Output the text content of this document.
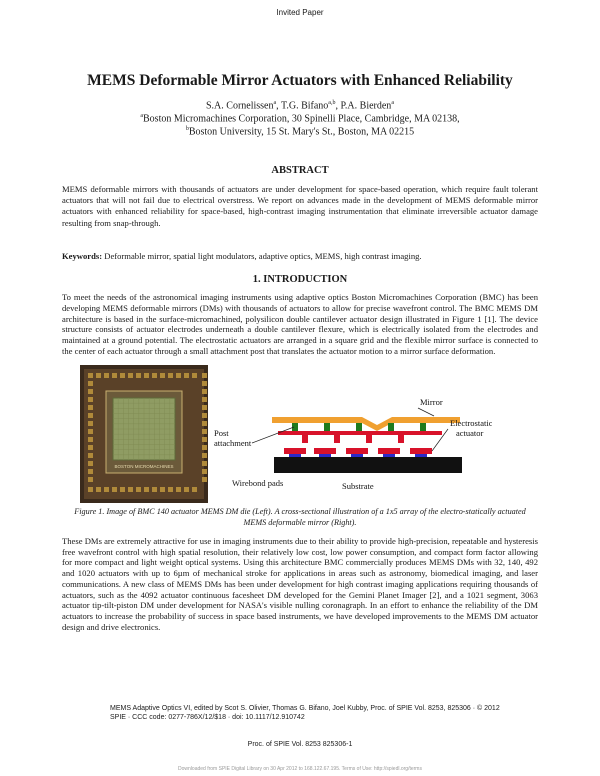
Invited Paper
MEMS Deformable Mirror Actuators with Enhanced Reliability
S.A. Cornelissen$^a$, T.G. Bifano$^{a,b}$, P.A. Bierden$^a$
$^a$Boston Micromachines Corporation, 30 Spinelli Place, Cambridge, MA 02138,
$^b$Boston University, 15 St. Mary's St., Boston, MA 02215
ABSTRACT
MEMS deformable mirrors with thousands of actuators are under development for space-based operation, which require fault tolerant actuators that will not fail due to electrical overstress. We report on advances made in the development of MEMS deformable mirror actuators with enhanced reliability for space-based, high-contrast imaging instrumentation that eliminate irreversible actuator damage resulting from snap-through.
Keywords: Deformable mirror, spatial light modulators, adaptive optics, MEMS, high contrast imaging.
1. INTRODUCTION
To meet the needs of the astronomical imaging instruments using adaptive optics Boston Micromachines Corporation (BMC) has been developing MEMS deformable mirrors (DMs) with thousands of actuators to allow for precise wavefront control. The BMC MEMS DM architecture is based in the surface-micromachined, polysilicon double cantilever actuator design illustrated in Figure 1 [1]. The device structure consists of actuator electrodes underneath a double cantilever flexure, which is electrically isolated from the electrodes and maintained at a ground potential. The electrostatic actuators are arranged in a square grid and the flexible mirror surface is connected to the center of each actuator through a small attachment post that translates the actuator motion to a mirror surface deformation.
BOSTON MICROMACHINES
Post
attachment
Mirror
Electrostatic
actuator
Substrate
Wirebond pads
Figure 1. Image of BMC 140 actuator MEMS DM die (Left). A cross-sectional illustration of a 1x5 array of the electro-statically actuated MEMS deformable mirror (Right).
These DMs are extremely attractive for use in imaging instruments due to their ability to provide high-precision, repeatable and hysteresis free wavefront control with high spatial resolution, their relatively low cost, low power consumption, and compact form factor allowing for more compact and light weight optical systems. Using this architecture BMC commercially produces MEMS DMs with 32, 140, 492 and 1020 actuators with up to 6µm of mechanical stroke for applications in areas such as astronomy, biomedical imaging, and laser communications. A new class of MEMS DMs has been under development for high contrast imaging applications requiring thousands of actuators, such as the 4092 actuator continuous facesheet DM developed for the Gemini Planet Imager [2], and a 1021 segment, 3063 actuator tip-tilt-piston DM under development for NASA's visible nulling coronagraph. In an effort to enhance the reliability of the DM actuators to increase the probability of success in space based instruments, we have developed improvements to the MEMS DM actuator design and drive electronics.
MEMS Adaptive Optics VI, edited by Scot S. Olivier, Thomas G. Bifano, Joel Kubby, Proc. of SPIE Vol. 8253, 825306 · © 2012 SPIE · CCC code: 0277-786X/12/$18 · doi: 10.1117/12.910742
Proc. of SPIE Vol. 8253 825306-1
Downloaded from SPIE Digital Library on 30 Apr 2012 to 168.122.67.195. Terms of Use: http://spiedl.org/terms
